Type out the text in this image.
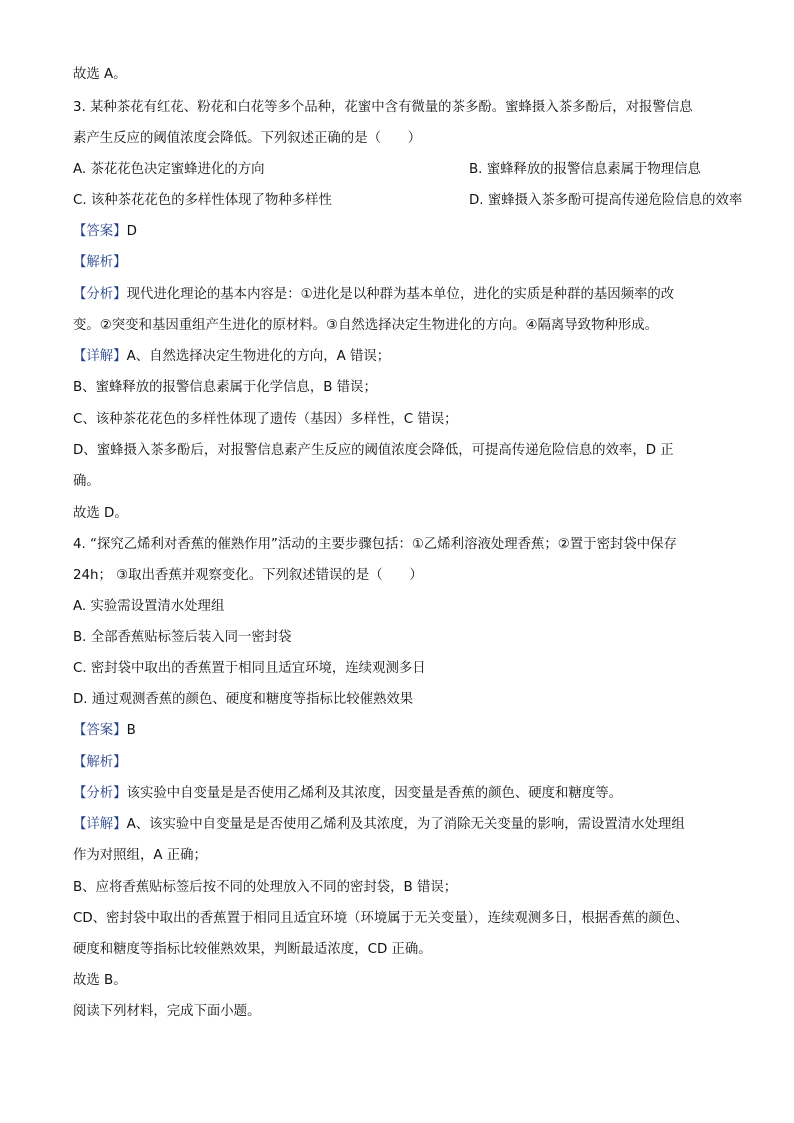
故选 A。
3. 某种茶花有红花、粉花和白花等多个品种，花蜜中含有微量的茶多酚。蜜蜂摄入茶多酚后，对报警信息
素产生反应的阈值浓度会降低。下列叙述正确的是（　　）
A. 茶花花色决定蜜蜂进化的方向	B. 蜜蜂释放的报警信息素属于物理信息
C. 该种茶花花色的多样性体现了物种多样性	D. 蜜蜂摄入茶多酚可提高传递危险信息的效率
【答案】D
【解析】
【分析】现代进化理论的基本内容是：①进化是以种群为基本单位，进化的实质是种群的基因频率的改
变。②突变和基因重组产生进化的原材料。③自然选择决定生物进化的方向。④隔离导致物种形成。
【详解】A、自然选择决定生物进化的方向，A 错误；
B、蜜蜂释放的报警信息素属于化学信息，B 错误；
C、该种茶花花色的多样性体现了遗传（基因）多样性，C 错误；
D、蜜蜂摄入茶多酚后，对报警信息素产生反应的阈值浓度会降低，可提高传递危险信息的效率，D 正
确。
故选 D。
4. “探究乙烯利对香蕉的催熟作用”活动的主要步骤包括：①乙烯利溶液处理香蕉；②置于密封袋中保存
24h； ③取出香蕉并观察变化。下列叙述错误的是（　　）
A. 实验需设置清水处理组
B. 全部香蕉贴标签后装入同一密封袋
C. 密封袋中取出的香蕉置于相同且适宜环境，连续观测多日
D. 通过观测香蕉的颜色、硬度和糖度等指标比较催熟效果
【答案】B
【解析】
【分析】该实验中自变量是是否使用乙烯利及其浓度，因变量是香蕉的颜色、硬度和糖度等。
【详解】A、该实验中自变量是是否使用乙烯利及其浓度，为了消除无关变量的影响，需设置清水处理组
作为对照组，A 正确；
B、应将香蕉贴标签后按不同的处理放入不同的密封袋，B 错误；
CD、密封袋中取出的香蕉置于相同且适宜环境（环境属于无关变量），连续观测多日，根据香蕉的颜色、
硬度和糖度等指标比较催熟效果，判断最适浓度，CD 正确。
故选 B。
阅读下列材料，完成下面小题。
